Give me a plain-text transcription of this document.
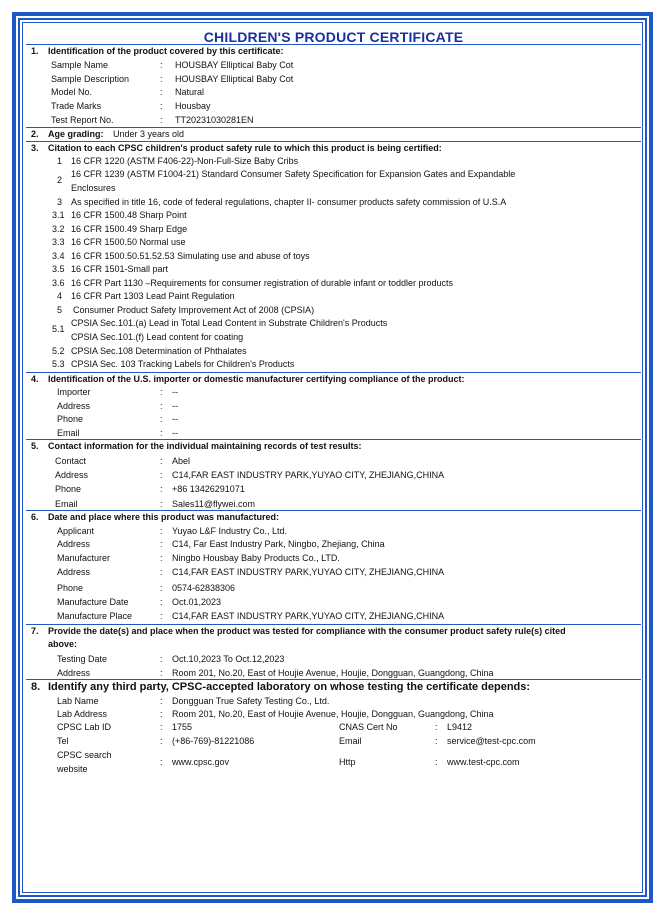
CHILDREN'S PRODUCT CERTIFICATE
1. Identification of the product covered by this certificate:
Sample Name	: HOUSBAY Elliptical Baby Cot
Sample Description	: HOUSBAY Elliptical Baby Cot
Model No.	: Natural
Trade Marks	: Housbay
Test Report No.	: TT20231030281EN
2. Age grading: Under 3 years old
3. Citation to each CPSC children's product safety rule to which this product is being certified:
1 16 CFR 1220 (ASTM F406-22)-Non-Full-Size Baby Cribs
2
16 CFR 1239 (ASTM F1004-21) Standard Consumer Safety Specification for Expansion Gates and Expandable
Enclosures
3 As specified in title 16, code of federal regulations, chapter II- consumer products safety commission of U.S.A
3.1 16 CFR 1500.48 Sharp Point
3.2 16 CFR 1500.49 Sharp Edge
3.3 16 CFR 1500.50 Normal use
3.4 16 CFR 1500.50.51.52.53 Simulating use and abuse of toys
3.5 16 CFR 1501-Small part
3.6 16 CFR Part 1130 –Requirements for consumer registration of durable infant or toddler products
4 16 CFR Part 1303 Lead Paint Regulation
5 Consumer Product Safety Improvement Act of 2008 (CPSIA)
5.1
CPSIA Sec.101.(a) Lead in Total Lead Content in Substrate Children's Products
CPSIA Sec.101.(f) Lead content for coating
5.2 CPSIA Sec.108 Determination of Phthalates
5.3 CPSIA Sec. 103 Tracking Labels for Children's Products
4. Identification of the U.S. importer or domestic manufacturer certifying compliance of the product:
Importer	: --
Address	: --
Phone	: --
Email	: --
5. Contact information for the individual maintaining records of test results:
Contact	: Abel
Address	: C14,FAR EAST INDUSTRY PARK,YUYAO CITY, ZHEJIANG,CHINA
Phone	: +86 13426291071
Email	: Sales11@flywei.com
6. Date and place where this product was manufactured:
Applicant	: Yuyao L&F Industry Co., Ltd.
Address	: C14, Far East Industry Park, Ningbo, Zhejiang, China
Manufacturer	: Ningbo Housbay Baby Products Co., LTD.
Address	: C14,FAR EAST INDUSTRY PARK,YUYAO CITY, ZHEJIANG,CHINA
Phone	: 0574-62838306
Manufacture Date	: Oct.01,2023
Manufacture Place	: C14,FAR EAST INDUSTRY PARK,YUYAO CITY, ZHEJIANG,CHINA
7. Provide the date(s) and place when the product was tested for compliance with the consumer product safety rule(s) cited
above:
Testing Date	: Oct.10,2023 To Oct.12,2023
Address	: Room 201, No.20, East of Houjie Avenue, Houjie, Dongguan, Guangdong, China
8. Identify any third party, CPSC-accepted laboratory on whose testing the certificate depends:
Lab Name	: Dongguan True Safety Testing Co., Ltd.
Lab Address	: Room 201, No.20, East of Houjie Avenue, Houjie, Dongguan, Guangdong, China
CPSC Lab ID	: 1755	CNAS Cert No	: L9412
Tel	: (+86-769)-81221086	Email	: service@test-cpc.com
CPSC search
website
: www.cpsc.gov	Http	: www.test-cpc.com
